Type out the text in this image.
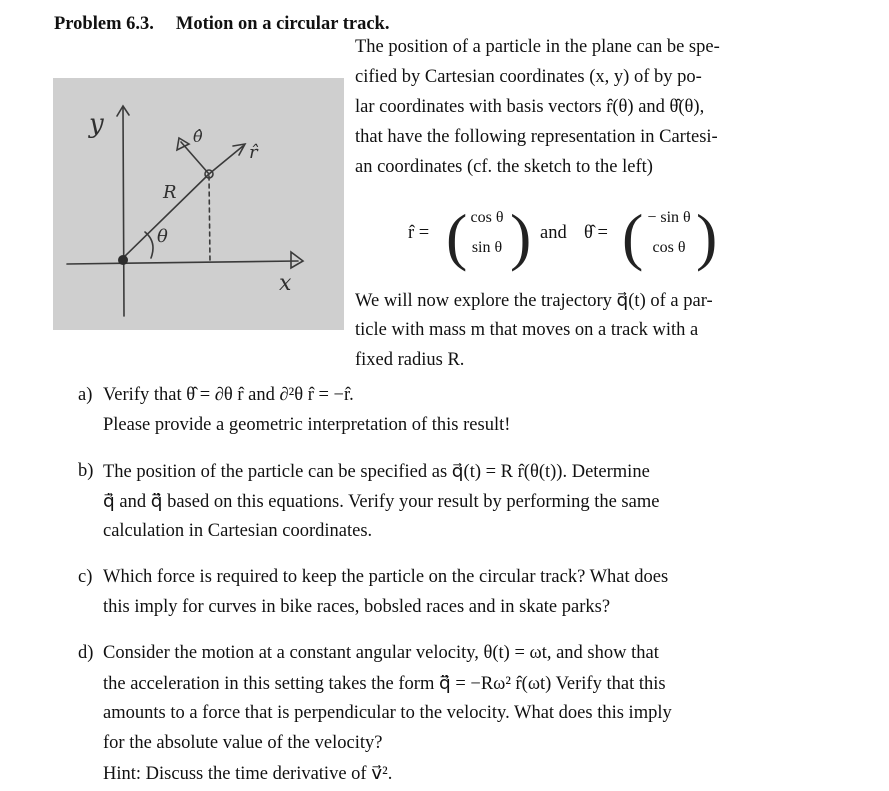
Problem 6.3. Motion on a circular track.
The position of a particle in the plane can be spe-
cified by Cartesian coordinates (x, y) of by po-
lar coordinates with basis vectors r̂(θ) and θ̂(θ),
that have the following representation in Cartesi-
an coordinates (cf. the sketch to the left)
y
x
R
θ
θ̂
r̂
r̂ = ( cos θ
sin θ ) and θ̂ = ( − sin θ
cos θ )
We will now explore the trajectory q⃗(t) of a par-
ticle with mass m that moves on a track with a
fixed radius R.
a) Verify that θ̂ = ∂θ r̂ and ∂²θ r̂ = −r̂.
Please provide a geometric interpretation of this result!
b) The position of the particle can be specified as q⃗(t) = R r̂(θ(t)). Determine
q⃗̇ and q⃗̈ based on this equations. Verify your result by performing the same
calculation in Cartesian coordinates.
c) Which force is required to keep the particle on the circular track? What does
this imply for curves in bike races, bobsled races and in skate parks?
d) Consider the motion at a constant angular velocity, θ(t) = ωt, and show that
the acceleration in this setting takes the form q⃗̈ = −Rω² r̂(ωt) Verify that this
amounts to a force that is perpendicular to the velocity. What does this imply
for the absolute value of the velocity?
Hint: Discuss the time derivative of v⃗².
